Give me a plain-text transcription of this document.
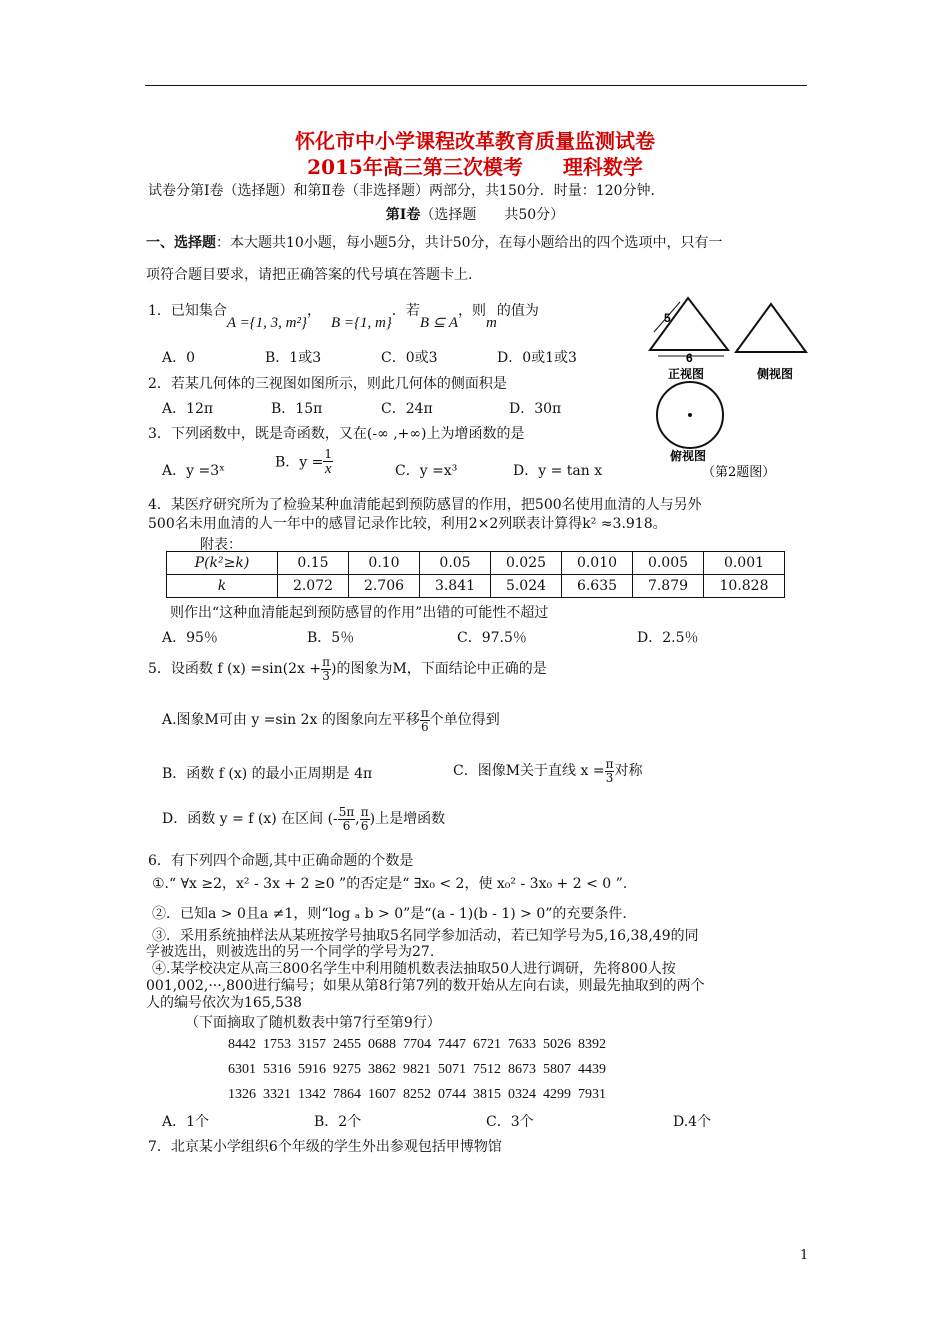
怀化市中小学课程改革教育质量监测试卷
2015年高三第三次模考　　理科数学
试卷分第Ⅰ卷（选择题）和第Ⅱ卷（非选择题）两部分，共150分．时量：120分钟．
第Ⅰ卷（选择题　　共50分）
一、选择题：本大题共10小题，每小题5分，共计50分，在每小题给出的四个选项中，只有一
项符合题目要求，请把正确答案的代号填在答题卡上.
1．已知集合A ={1, 3, m²}，B ={1, m}．若B ⊆ A，则m的值为
A．0	B．1或3	C．0或3	D．0或1或3
2．若某几何体的三视图如图所示，则此几何体的侧面积是
A．12π	B．15π	C．24π	D．30π
3．下列函数中，既是奇函数，又在(-∞ ,+∞)上为增函数的是
A．y =3ˣ
B．$y = \frac{1}{x}$	C．y =x³	D．y = tan x
5
6
正视图	侧视图
俯视图
（第2题图）
4．某医疗研究所为了检验某种血清能起到预防感冒的作用，把500名使用血清的人与另外
500名未用血清的人一年中的感冒记录作比较，利用2×2列联表计算得k² ≈3.918。
附表：
P(k²≥k)	0.15	0.10	0.05	0.025	0.010	0.005	0.001
k	2.072	2.706	3.841	5.024	6.635	7.879	10.828
则作出“这种血清能起到预防感冒的作用”出错的可能性不超过
A．95％	B．5％	C．97.5％	D．2.5％
5．设函数 f $(x) =\sin(2x + \frac{\pi}{3}$ )的图象为M，下面结论中正确的是
A.图象M可由 y =sin 2x 的图象向左平移 $\frac{\pi}{6}$ 个单位得到
B．函数 f (x) 的最小正周期是 4π	C．图像M关于直线 $x = \frac{\pi}{3}$ 对称
D．函数 y = f (x) 在区间 (- $\frac{5\pi}{6}$ , $\frac{\pi}{6}$ )上是增函数
6．有下列四个命题,其中正确命题的个数是
①.“ ∀x ≥2，x² - 3x + 2 ≥0 ”的否定是“ ∃x₀ < 2，使 x₀² - 3x₀ + 2 < 0 ”.
②．已知a > 0且a ≠1，则“log ₐ b > 0”是“(a - 1)(b - 1) > 0”的充要条件.
③．采用系统抽样法从某班按学号抽取5名同学参加活动，若已知学号为5,16,38,49的同
学被选出，则被选出的另一个同学的学号为27.
④.某学校决定从高三800名学生中利用随机数表法抽取50人进行调研，先将800人按
001,002,···,800进行编号；如果从第8行第7列的数开始从左向右读，则最先抽取到的两个
人的编号依次为165,538
（下面摘取了随机数表中第7行至第9行）
8442  1753  3157  2455  0688  7704  7447  6721  7633  5026  8392
6301  5316  5916  9275  3862  9821  5071  7512  8673  5807  4439
1326  3321  1342  7864  1607  8252  0744  3815  0324  4299  7931
A．1个	B．2个	C．3个	D.4个
7．北京某小学组织6个年级的学生外出参观包括甲博物馆
1
